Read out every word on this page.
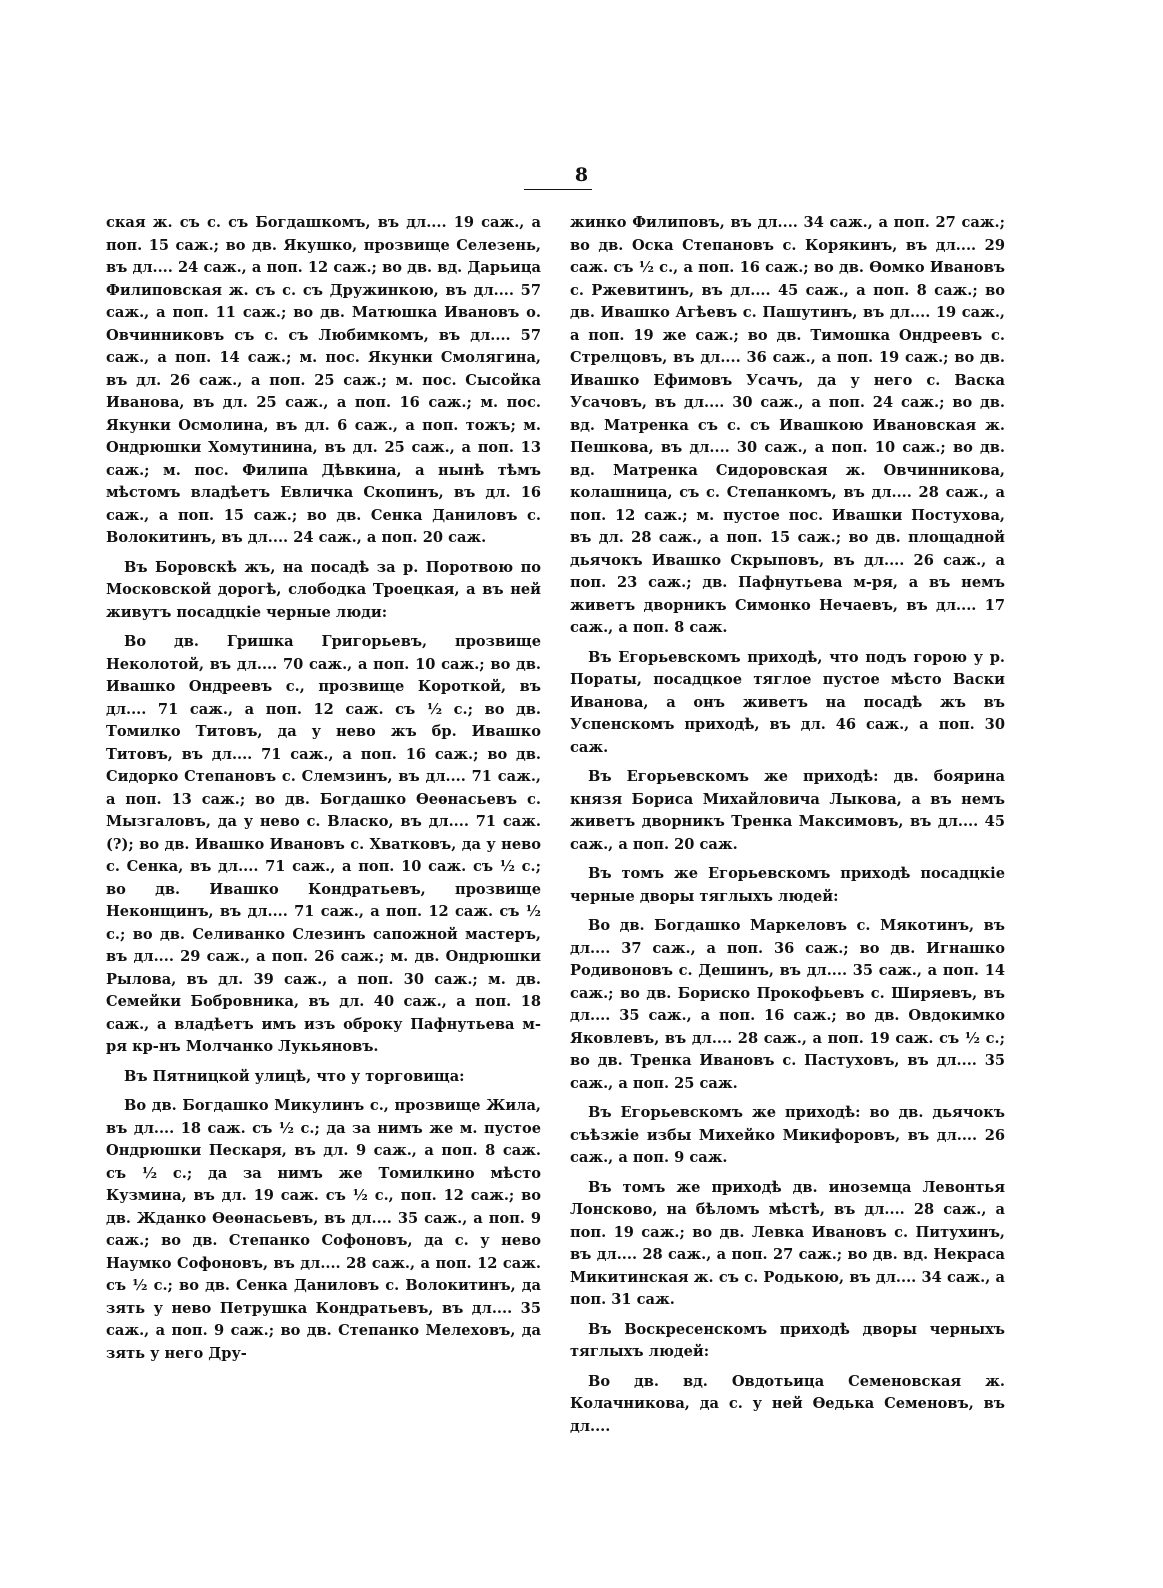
8

ская ж. съ с. съ Богдашкомъ, въ дл.... 19 саж., а поп. 15 саж.; во дв. Якушко, прозвище Селезень, въ дл.... 24 саж., а поп. 12 саж.; во дв. вд. Дарьица Филиповская ж. съ с. съ Дружинкою, въ дл.... 57 саж., а поп. 11 саж.; во дв. Матюшка Ивановъ о. Овчинниковъ съ с. съ Любимкомъ, въ дл.... 57 саж., а поп. 14 саж.; м. пос. Якунки Смолягина, въ дл. 26 саж., а поп. 25 саж.; м. пос. Сысойка Иванова, въ дл. 25 саж., а поп. 16 саж.; м. пос. Якунки Осмолина, въ дл. 6 саж., а поп. тожъ; м. Ондрюшки Хомутинина, въ дл. 25 саж., а поп. 13 саж.; м. пос. Филипа Дѣвкина, а нынѣ тѣмъ мѣстомъ владѣетъ Евличка Скопинъ, въ дл. 16 саж., а поп. 15 саж.; во дв. Сенка Даниловъ с. Волокитинъ, въ дл.... 24 саж., а поп. 20 саж.

Въ Боровскѣ жъ, на посадѣ за р. Поротвою по Московской дорогѣ, слободка Троецкая, а въ ней живутъ посадцкіе черные люди:

Во дв. Гришка Григорьевъ, прозвище Неколотой, въ дл.... 70 саж., а поп. 10 саж.; во дв. Ивашко Ондреевъ с., прозвище Короткой, въ дл.... 71 саж., а поп. 12 саж. съ ½ с.; во дв. Томилко Титовъ, да у нево жъ бр. Ивашко Титовъ, въ дл.... 71 саж., а поп. 16 саж.; во дв. Сидорко Степановъ с. Слемзинъ, въ дл.... 71 саж., а поп. 13 саж.; во дв. Богдашко Ѳеѳнасьевъ с. Мызгаловъ, да у нево с. Власко, въ дл.... 71 саж. (?); во дв. Ивашко Ивановъ с. Хватковъ, да у нево с. Сенка, въ дл.... 71 саж., а поп. 10 саж. съ ½ с.; во дв. Ивашко Кондратьевъ, прозвище Неконщинъ, въ дл.... 71 саж., а поп. 12 саж. съ ½ с.; во дв. Селиванко Слезинъ сапожной мастеръ, въ дл.... 29 саж., а поп. 26 саж.; м. дв. Ондрюшки Рылова, въ дл. 39 саж., а поп. 30 саж.; м. дв. Семейки Бобровника, въ дл. 40 саж., а поп. 18 саж., а владѣетъ имъ изъ оброку Пафнутьева м-ря кр-нъ Молчанко Лукьяновъ.

Въ Пятницкой улицѣ, что у торговища:

Во дв. Богдашко Микулинъ с., прозвище Жила, въ дл.... 18 саж. съ ½ с.; да за нимъ же м. пустое Ондрюшки Пескаря, въ дл. 9 саж., а поп. 8 саж. съ ½ с.; да за нимъ же Томилкино мѣсто Кузмина, въ дл. 19 саж. съ ½ с., поп. 12 саж.; во дв. Жданко Ѳеѳнасьевъ, въ дл.... 35 саж., а поп. 9 саж.; во дв. Степанко Софоновъ, да с. у нево Наумко Софоновъ, въ дл.... 28 саж., а поп. 12 саж. съ ½ с.; во дв. Сенка Даниловъ с. Волокитинъ, да зять у нево Петрушка Кондратьевъ, въ дл.... 35 саж., а поп. 9 саж.; во дв. Степанко Мелеховъ, да зять у него Дру-

жинко Филиповъ, въ дл.... 34 саж., а поп. 27 саж.; во дв. Оска Степановъ с. Корякинъ, въ дл.... 29 саж. съ ½ с., а поп. 16 саж.; во дв. Ѳомко Ивановъ с. Ржевитинъ, въ дл.... 45 саж., а поп. 8 саж.; во дв. Ивашко Агѣевъ с. Пашутинъ, въ дл.... 19 саж., а поп. 19 же саж.; во дв. Тимошка Ондреевъ с. Стрелцовъ, въ дл.... 36 саж., а поп. 19 саж.; во дв. Ивашко Ефимовъ Усачъ, да у него с. Васка Усачовъ, въ дл.... 30 саж., а поп. 24 саж.; во дв. вд. Матренка съ с. съ Ивашкою Ивановская ж. Пешкова, въ дл.... 30 саж., а поп. 10 саж.; во дв. вд. Матренка Сидоровская ж. Овчинникова, колашница, съ с. Степанкомъ, въ дл.... 28 саж., а поп. 12 саж.; м. пустое пос. Ивашки Постухова, въ дл. 28 саж., а поп. 15 саж.; во дв. площадной дьячокъ Ивашко Скрыповъ, въ дл.... 26 саж., а поп. 23 саж.; дв. Пафнутьева м-ря, а въ немъ живетъ дворникъ Симонко Нечаевъ, въ дл.... 17 саж., а поп. 8 саж.

Въ Егорьевскомъ приходѣ, что подъ горою у р. Пораты, посадцкое тяглое пустое мѣсто Васки Иванова, а онъ живетъ на посадѣ жъ въ Успенскомъ приходѣ, въ дл. 46 саж., а поп. 30 саж.

Въ Егорьевскомъ же приходѣ: дв. боярина князя Бориса Михайловича Лыкова, а въ немъ живетъ дворникъ Тренка Максимовъ, въ дл.... 45 саж., а поп. 20 саж.

Въ томъ же Егорьевскомъ приходѣ посадцкіе черные дворы тяглыхъ людей:

Во дв. Богдашко Маркеловъ с. Мякотинъ, въ дл.... 37 саж., а поп. 36 саж.; во дв. Игнашко Родивоновъ с. Дешинъ, въ дл.... 35 саж., а поп. 14 саж.; во дв. Бориско Прокофьевъ с. Ширяевъ, въ дл.... 35 саж., а поп. 16 саж.; во дв. Овдокимко Яковлевъ, въ дл.... 28 саж., а поп. 19 саж. съ ½ с.; во дв. Тренка Ивановъ с. Пастуховъ, въ дл.... 35 саж., а поп. 25 саж.

Въ Егорьевскомъ же приходѣ: во дв. дьячокъ съѣзжіе избы Михейко Микифоровъ, въ дл.... 26 саж., а поп. 9 саж.

Въ томъ же приходѣ дв. иноземца Левонтья Лонсково, на бѣломъ мѣстѣ, въ дл.... 28 саж., а поп. 19 саж.; во дв. Левка Ивановъ с. Питухинъ, въ дл.... 28 саж., а поп. 27 саж.; во дв. вд. Некраса Микитинская ж. съ с. Родькою, въ дл.... 34 саж., а поп. 31 саж.

Въ Воскресенскомъ приходѣ дворы черныхъ тяглыхъ людей:

Во дв. вд. Овдотьица Семеновская ж. Колачникова, да с. у ней Ѳедька Семеновъ, въ дл....
